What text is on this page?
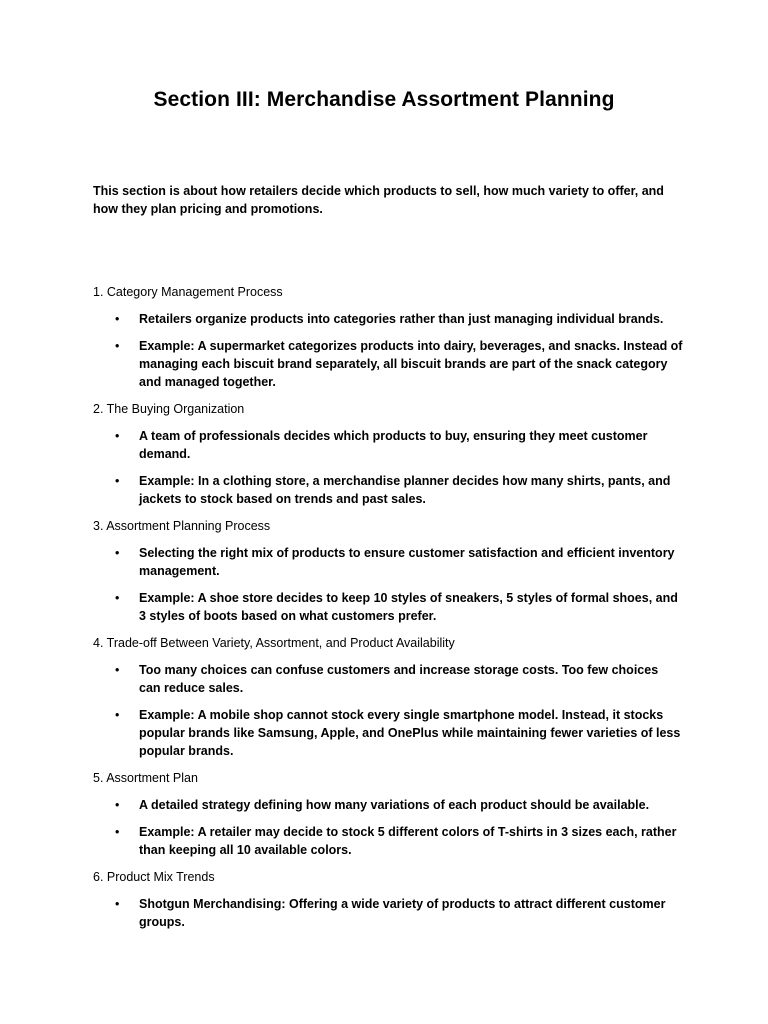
Section III: Merchandise Assortment Planning
This section is about how retailers decide which products to sell, how much variety to offer, and how they plan pricing and promotions.
1. Category Management Process
• Retailers organize products into categories rather than just managing individual brands.
• Example: A supermarket categorizes products into dairy, beverages, and snacks. Instead of managing each biscuit brand separately, all biscuit brands are part of the snack category and managed together.
2. The Buying Organization
• A team of professionals decides which products to buy, ensuring they meet customer demand.
• Example: In a clothing store, a merchandise planner decides how many shirts, pants, and jackets to stock based on trends and past sales.
3. Assortment Planning Process
• Selecting the right mix of products to ensure customer satisfaction and efficient inventory management.
• Example: A shoe store decides to keep 10 styles of sneakers, 5 styles of formal shoes, and 3 styles of boots based on what customers prefer.
4. Trade-off Between Variety, Assortment, and Product Availability
• Too many choices can confuse customers and increase storage costs. Too few choices can reduce sales.
• Example: A mobile shop cannot stock every single smartphone model. Instead, it stocks popular brands like Samsung, Apple, and OnePlus while maintaining fewer varieties of less popular brands.
5. Assortment Plan
• A detailed strategy defining how many variations of each product should be available.
• Example: A retailer may decide to stock 5 different colors of T-shirts in 3 sizes each, rather than keeping all 10 available colors.
6. Product Mix Trends
• Shotgun Merchandising: Offering a wide variety of products to attract different customer groups.
